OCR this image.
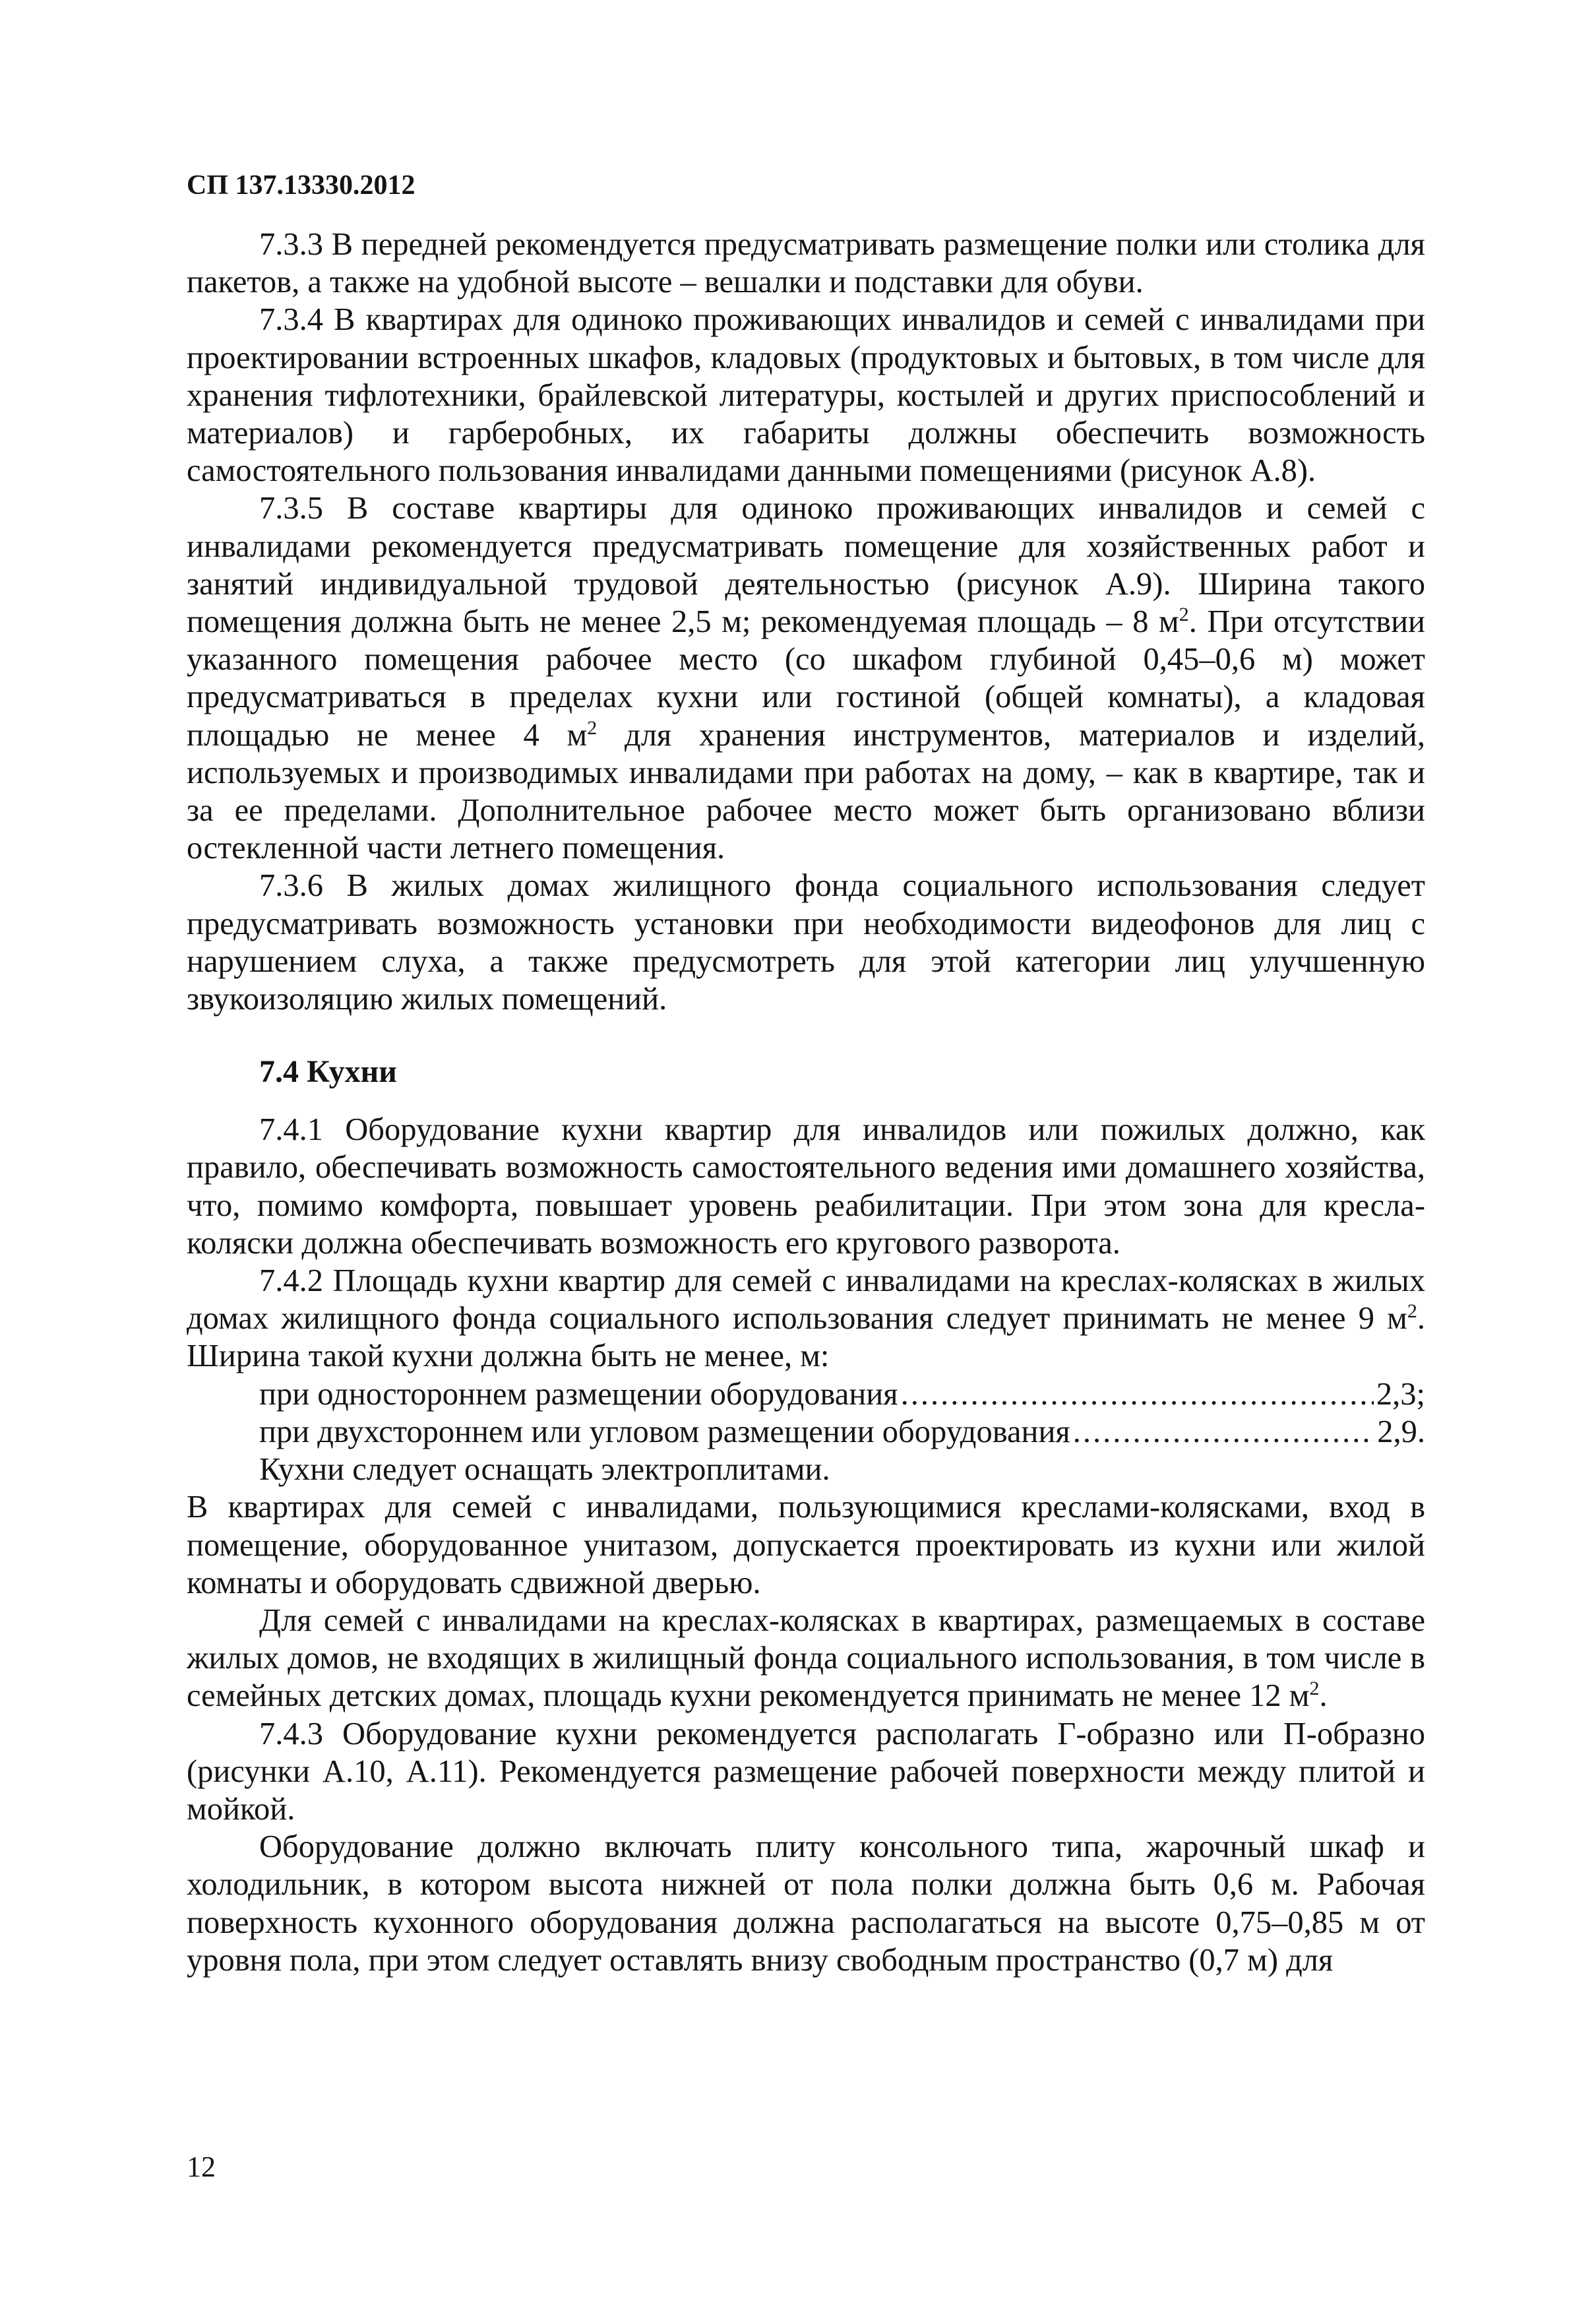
СП 137.13330.2012

7.3.3 В передней рекомендуется предусматривать размещение полки или столика для пакетов, а также на удобной высоте – вешалки и подставки для обуви.

7.3.4 В квартирах для одиноко проживающих инвалидов и семей с инвалидами при проектировании встроенных шкафов, кладовых (продуктовых и бытовых, в том числе для хранения тифлотехники, брайлевской литературы, костылей и других приспособлений и материалов) и гарберобных, их габариты должны обеспечить возможность самостоятельного пользования инвалидами данными помещениями (рисунок А.8).

7.3.5 В составе квартиры для одиноко проживающих инвалидов и семей с инвалидами рекомендуется предусматривать помещение для хозяйственных работ и занятий индивидуальной трудовой деятельностью (рисунок А.9). Ширина такого помещения должна быть не менее 2,5 м; рекомендуемая площадь – 8 $м^2$. При отсутствии указанного помещения рабочее место (со шкафом глубиной 0,45–0,6 м) может предусматриваться в пределах кухни или гостиной (общей комнаты), а кладовая площадью не менее 4 $м^2$ для хранения инструментов, материалов и изделий, используемых и производимых инвалидами при работах на дому, – как в квартире, так и за ее пределами. Дополнительное рабочее место может быть организовано вблизи остекленной части летнего помещения.

7.3.6 В жилых домах жилищного фонда социального использования следует предусматривать возможность установки при необходимости видеофонов для лиц с нарушением слуха, а также предусмотреть для этой категории лиц улучшенную звукоизоляцию жилых помещений.

7.4 Кухни

7.4.1 Оборудование кухни квартир для инвалидов или пожилых должно, как правило, обеспечивать возможность самостоятельного ведения ими домашнего хозяйства, что, помимо комфорта, повышает уровень реабилитации. При этом зона для кресла-коляски должна обеспечивать возможность его кругового разворота.

7.4.2 Площадь кухни квартир для семей с инвалидами на креслах-колясках в жилых домах жилищного фонда социального использования следует принимать не менее 9 $м^2$. Ширина такой кухни должна быть не менее, м:

при одностороннем размещении оборудования .....	2,3;
при двухстороннем или угловом размещении оборудования .....	2,9.

Кухни следует оснащать электроплитами.

В квартирах для семей с инвалидами, пользующимися креслами-колясками, вход в помещение, оборудованное унитазом, допускается проектировать из кухни или жилой комнаты и оборудовать сдвижной дверью.

Для семей с инвалидами на креслах-колясках в квартирах, размещаемых в составе жилых домов, не входящих в жилищный фонда социального использования, в том числе в семейных детских домах, площадь кухни рекомендуется принимать не менее 12 $м^2$.

7.4.3 Оборудование кухни рекомендуется располагать Г-образно или П-образно (рисунки А.10, А.11). Рекомендуется размещение рабочей поверхности между плитой и мойкой.

Оборудование должно включать плиту консольного типа, жарочный шкаф и холодильник, в котором высота нижней от пола полки должна быть 0,6 м. Рабочая поверхность кухонного оборудования должна располагаться на высоте 0,75–0,85 м от уровня пола, при этом следует оставлять внизу свободным пространство (0,7 м) для

12
